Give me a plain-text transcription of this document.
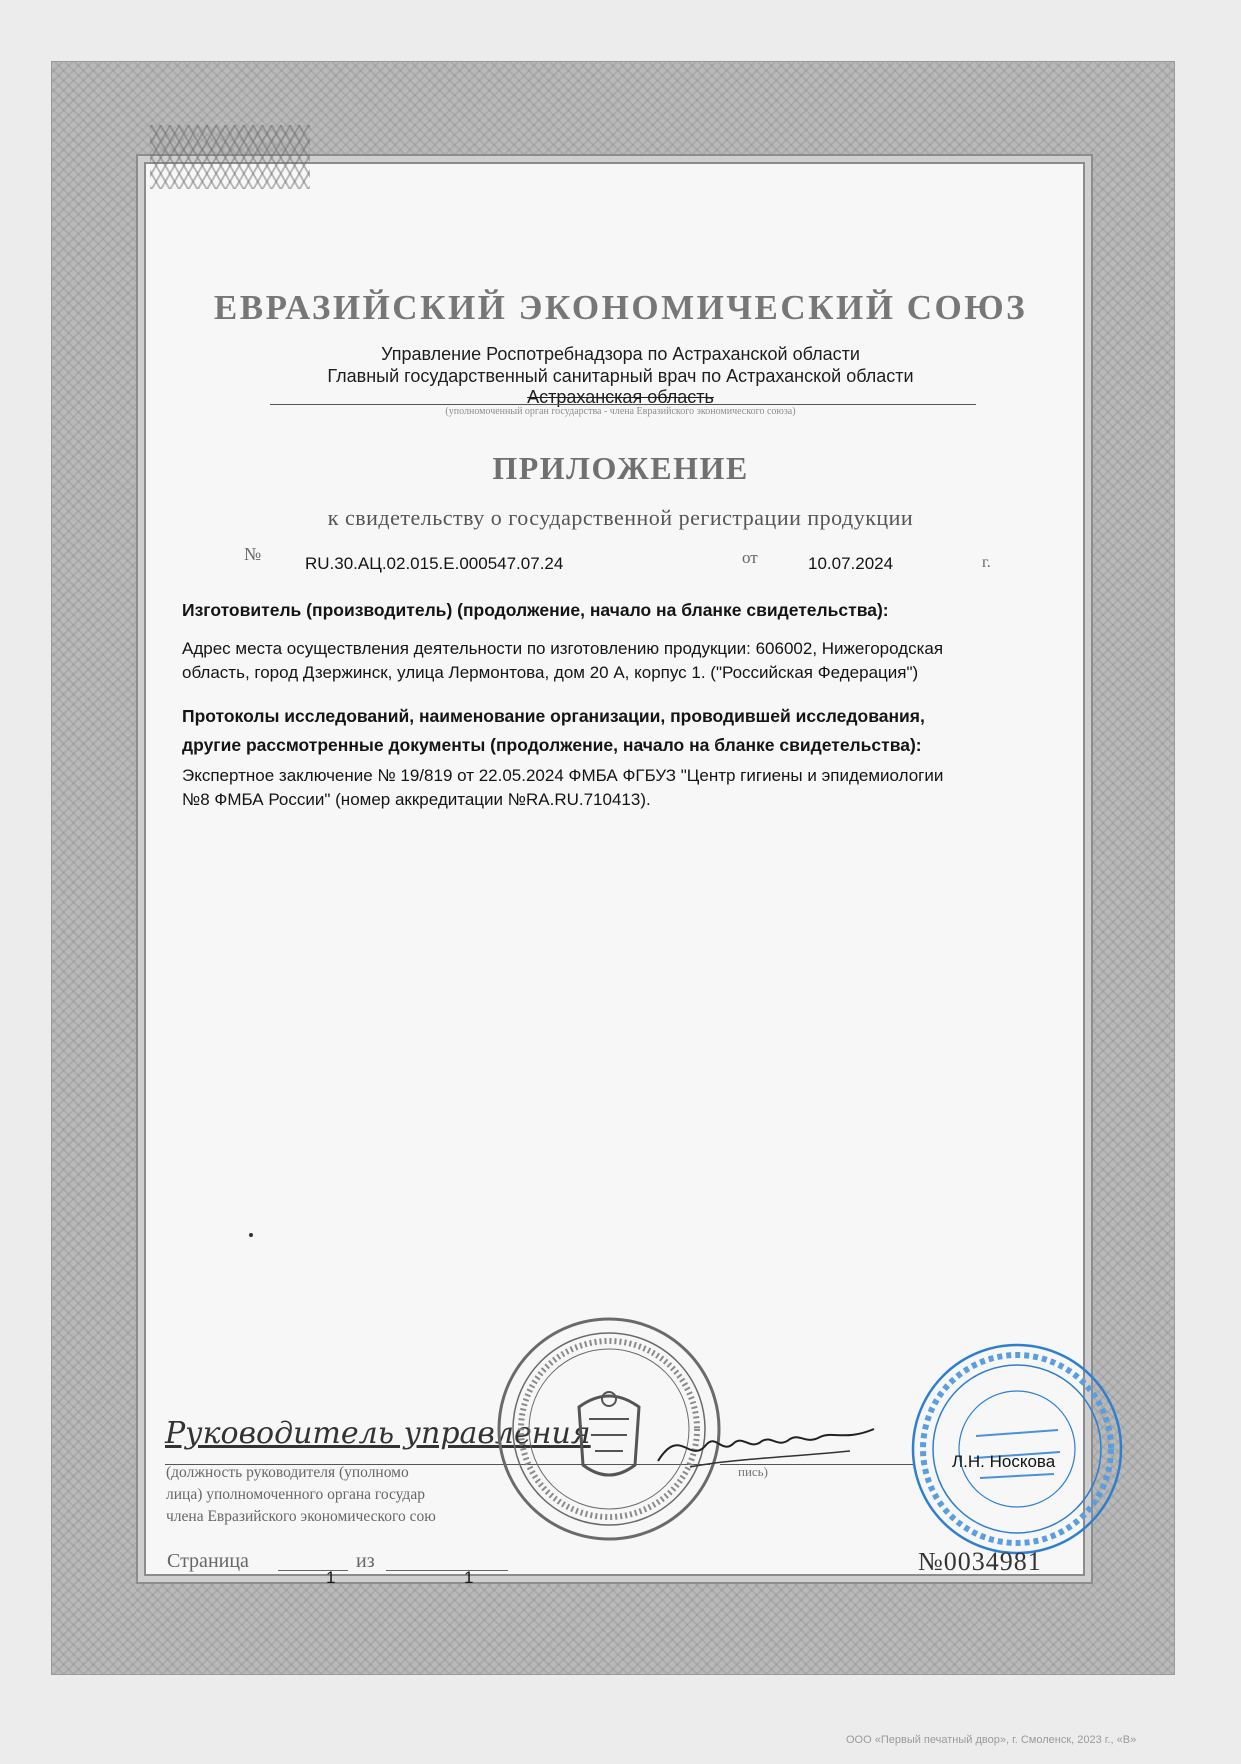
ЕВРАЗИЙСКИЙ ЭКОНОМИЧЕСКИЙ СОЮЗ
Управление Роспотребнадзора по Астраханской области
Главный государственный санитарный врач по Астраханской области
Астраханская область
(уполномоченный орган государства - члена Евразийского экономического союза)
ПРИЛОЖЕНИЕ
к свидетельству о государственной регистрации продукции
№	RU.30.АЦ.02.015.Е.000547.07.24	от	10.07.2024	г.
Изготовитель (производитель) (продолжение, начало на бланке свидетельства):
Адрес места осуществления деятельности по изготовлению продукции: 606002, Нижегородская
область, город Дзержинск, улица Лермонтова, дом 20 А, корпус 1. ("Российская Федерация")
Протоколы исследований, наименование организации, проводившей исследования,
другие рассмотренные документы (продолжение, начало на бланке свидетельства):
Экспертное заключение № 19/819 от 22.05.2024 ФМБА ФГБУЗ "Центр гигиены и эпидемиологии
№8 ФМБА России" (номер аккредитации №RA.RU.710413).
Руководитель управления
(должность руководителя (уполномо
лица) уполномоченного органа государ
члена Евразийского экономического сою
пись)
Л.Н. Носкова
Страница
1
из
1
№0034981
ООО «Первый печатный двор», г. Смоленск, 2023 г., «В»
